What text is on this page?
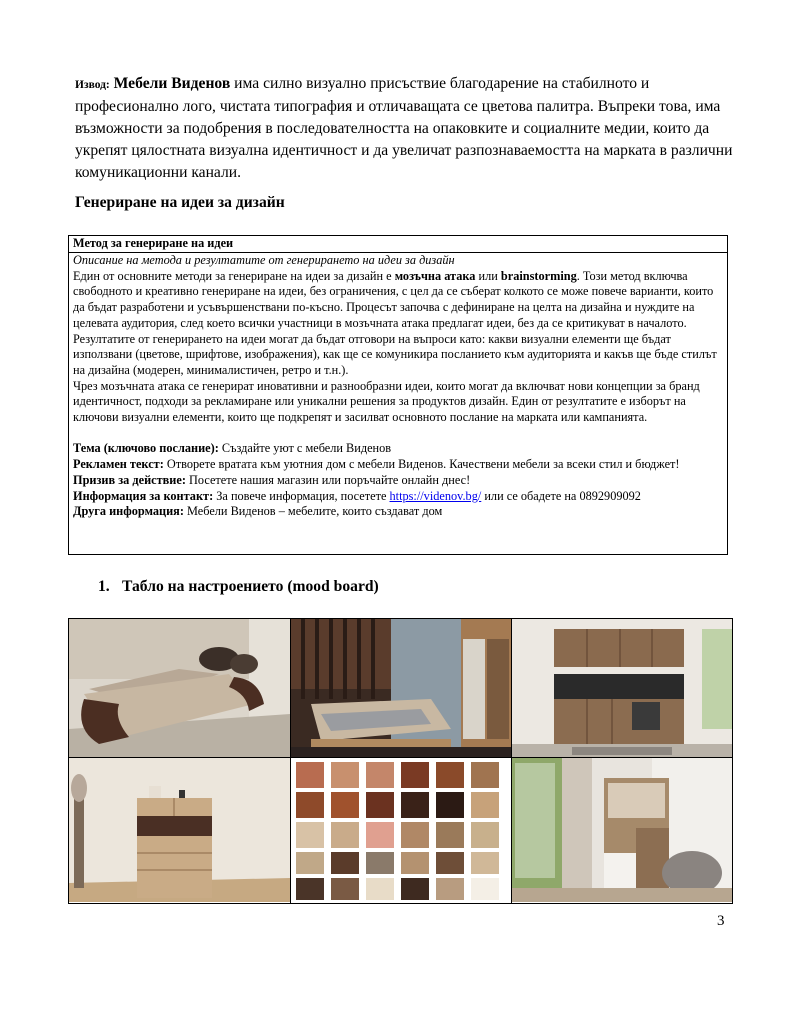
Извод: Мебели Виденов има силно визуално присъствие благодарение на стабилното и професионално лого, чистата типография и отличаващата се цветова палитра. Въпреки това, има възможности за подобрения в последователността на опаковките и социалните медии, които да укрепят цялостната визуална идентичност и да увеличат разпознаваемостта на марката в различни комуникационни канали.
Генериране на идеи за дизайн
Метод за генериране на идеи

Описание на метода и резултатите от генерирането на идеи за дизайн

Един от основните методи за генериране на идеи за дизайн е мозъчна атака или brainstorming. Този метод включва свободното и креативно генериране на идеи, без ограничения, с цел да се съберат колкото се може повече варианти, които да бъдат разработени и усъвършенствани по-късно. Процесът започва с дефиниране на целта на дизайна и нуждите на целевата аудитория, след което всички участници в мозъчната атака предлагат идеи, без да се критикуват в началото. Резултатите от генерирането на идеи могат да бъдат отговори на въпроси като: какви визуални елементи ще бъдат използвани (цветове, шрифтове, изображения), как ще се комуникира посланието към аудиторията и какъв ще бъде стилът на дизайна (модерен, минималистичен, ретро и т.н.).

Чрез мозъчната атака се генерират иновативни и разнообразни идеи, които могат да включват нови концепции за бранд идентичност, подходи за рекламиране или уникални решения за продуктов дизайн. Един от резултатите е изборът на ключови визуални елементи, които ще подкрепят и засилват основното послание на марката или кампанията.

Тема (ключово послание): Създайте уют с мебели Виденов

Рекламен текст: Отворете вратата към уютния дом с мебели Виденов. Качествени мебели за всеки стил и бюджет!

Призив за действие: Посетете нашия магазин или поръчайте онлайн днес!

Информация за контакт: За повече информация, посетете https://videnov.bg/ или се обадете на 0892909092

Друга информация: Мебели Виденов – мебелите, които създават дом

1. Табло на настроението (mood board)
3
